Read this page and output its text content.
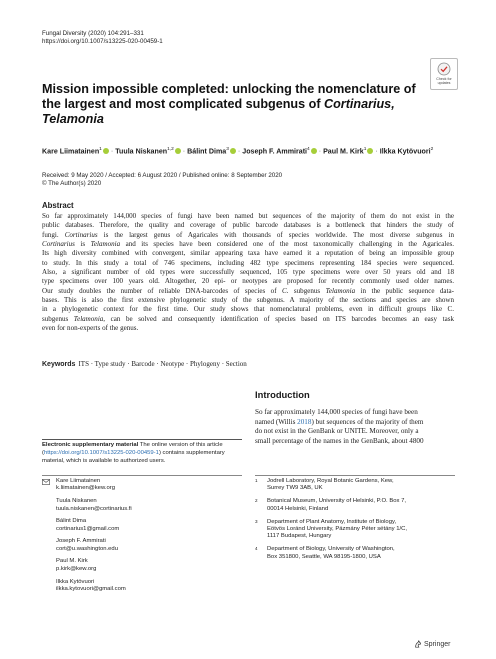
Fungal Diversity (2020) 104:291–331
https://doi.org/10.1007/s13225-020-00459-1
Check for updates
Mission impossible completed: unlocking the nomenclature of the largest and most complicated subgenus of Cortinarius, Telamonia
Kare Liimatainen$^1$ · Tuula Niskanen$^{1,2}$ · Bálint Dima$^3$ · Joseph F. Ammirati$^4$ · Paul M. Kirk$^1$ · Ilkka Kytövuori$^2$
Received: 9 May 2020 / Accepted: 6 August 2020 / Published online: 8 September 2020
© The Author(s) 2020
Abstract
So far approximately 144,000 species of fungi have been named but sequences of the majority of them do not exist in the
public databases. Therefore, the quality and coverage of public barcode databases is a bottleneck that hinders the study of
fungi. Cortinarius is the largest genus of Agaricales with thousands of species worldwide. The most diverse subgenus in
Cortinarius is Telamonia and its species have been considered one of the most taxonomically challenging in the Agaricales.
Its high diversity combined with convergent, similar appearing taxa have earned it a reputation of being an impossible group
to study. In this study a total of 746 specimens, including 482 type specimens representing 184 species were sequenced.
Also, a significant number of old types were successfully sequenced, 105 type specimens were over 50 years old and 18
type specimens over 100 years old. Altogether, 20 epi- or neotypes are proposed for recently commonly used older names.
Our study doubles the number of reliable DNA-barcodes of species of C. subgenus Telamonia in the public sequence data-
bases. This is also the first extensive phylogenetic study of the subgenus. A majority of the sections and species are shown
in a phylogenetic context for the first time. Our study shows that nomenclatural problems, even in difficult groups like C.
subgenus Telamonia, can be solved and consequently identification of species based on ITS barcodes becomes an easy task
even for non-experts of the genus.
Keywords ITS · Type study · Barcode · Neotype · Phylogeny · Section
Introduction
So far approximately 144,000 species of fungi have been
named (Willis 2018) but sequences of the majority of them
do not exist in the GenBank or UNITE. Moreover, only a
small percentage of the names in the GenBank, about 4800
Electronic supplementary material The online version of this article (https://doi.org/10.1007/s13225-020-00459-1) contains supplementary material, which is available to authorized users.
Kare Liimatainen
k.liimatainen@kew.org
Tuula Niskanen
tuula.niskanen@cortinarius.fi
Bálint Dima
cortinarius1@gmail.com
Joseph F. Ammirati
cort@u.washington.edu
Paul M. Kirk
p.kirk@kew.org
Ilkka Kytövuori
ilkka.kytovuori@gmail.com
1 Jodrell Laboratory, Royal Botanic Gardens, Kew,
Surrey TW9 3AB, UK
2 Botanical Museum, University of Helsinki, P.O. Box 7,
00014 Helsinki, Finland
3 Department of Plant Anatomy, Institute of Biology,
Eötvös Loránd University, Pázmány Péter sétány 1/C,
1117 Budapest, Hungary
4 Department of Biology, University of Washington,
Box 351800, Seattle, WA 98195-1800, USA
Springer
